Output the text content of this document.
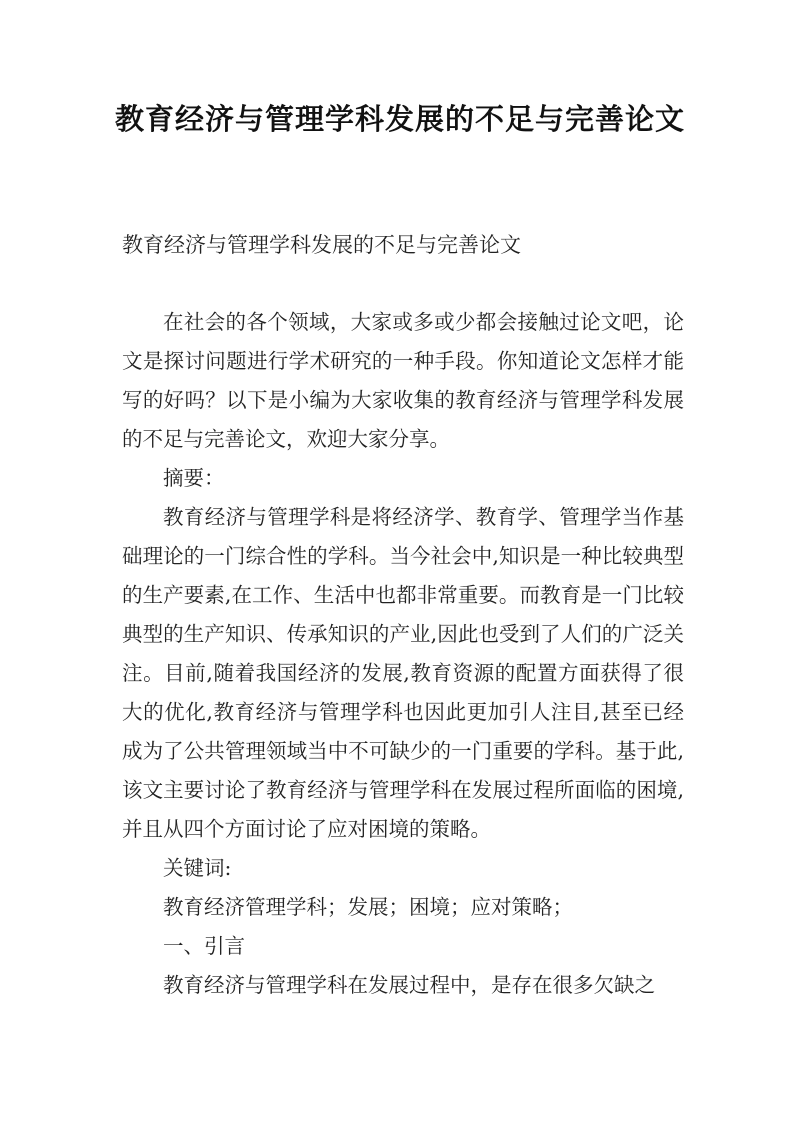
教育经济与管理学科发展的不足与完善论文
教育经济与管理学科发展的不足与完善论文

在社会的各个领域，大家或多或少都会接触过论文吧，论文是探讨问题进行学术研究的一种手段。你知道论文怎样才能写的好吗？以下是小编为大家收集的教育经济与管理学科发展的不足与完善论文，欢迎大家分享。

摘要：

教育经济与管理学科是将经济学、教育学、管理学当作基础理论的一门综合性的学科。当今社会中,知识是一种比较典型的生产要素,在工作、生活中也都非常重要。而教育是一门比较典型的生产知识、传承知识的产业,因此也受到了人们的广泛关注。目前,随着我国经济的发展,教育资源的配置方面获得了很大的优化,教育经济与管理学科也因此更加引人注目,甚至已经成为了公共管理领域当中不可缺少的一门重要的学科。基于此,该文主要讨论了教育经济与管理学科在发展过程所面临的困境,并且从四个方面讨论了应对困境的策略。

关键词:

教育经济管理学科；发展；困境；应对策略；

一、引言

教育经济与管理学科在发展过程中，是存在很多欠缺之
